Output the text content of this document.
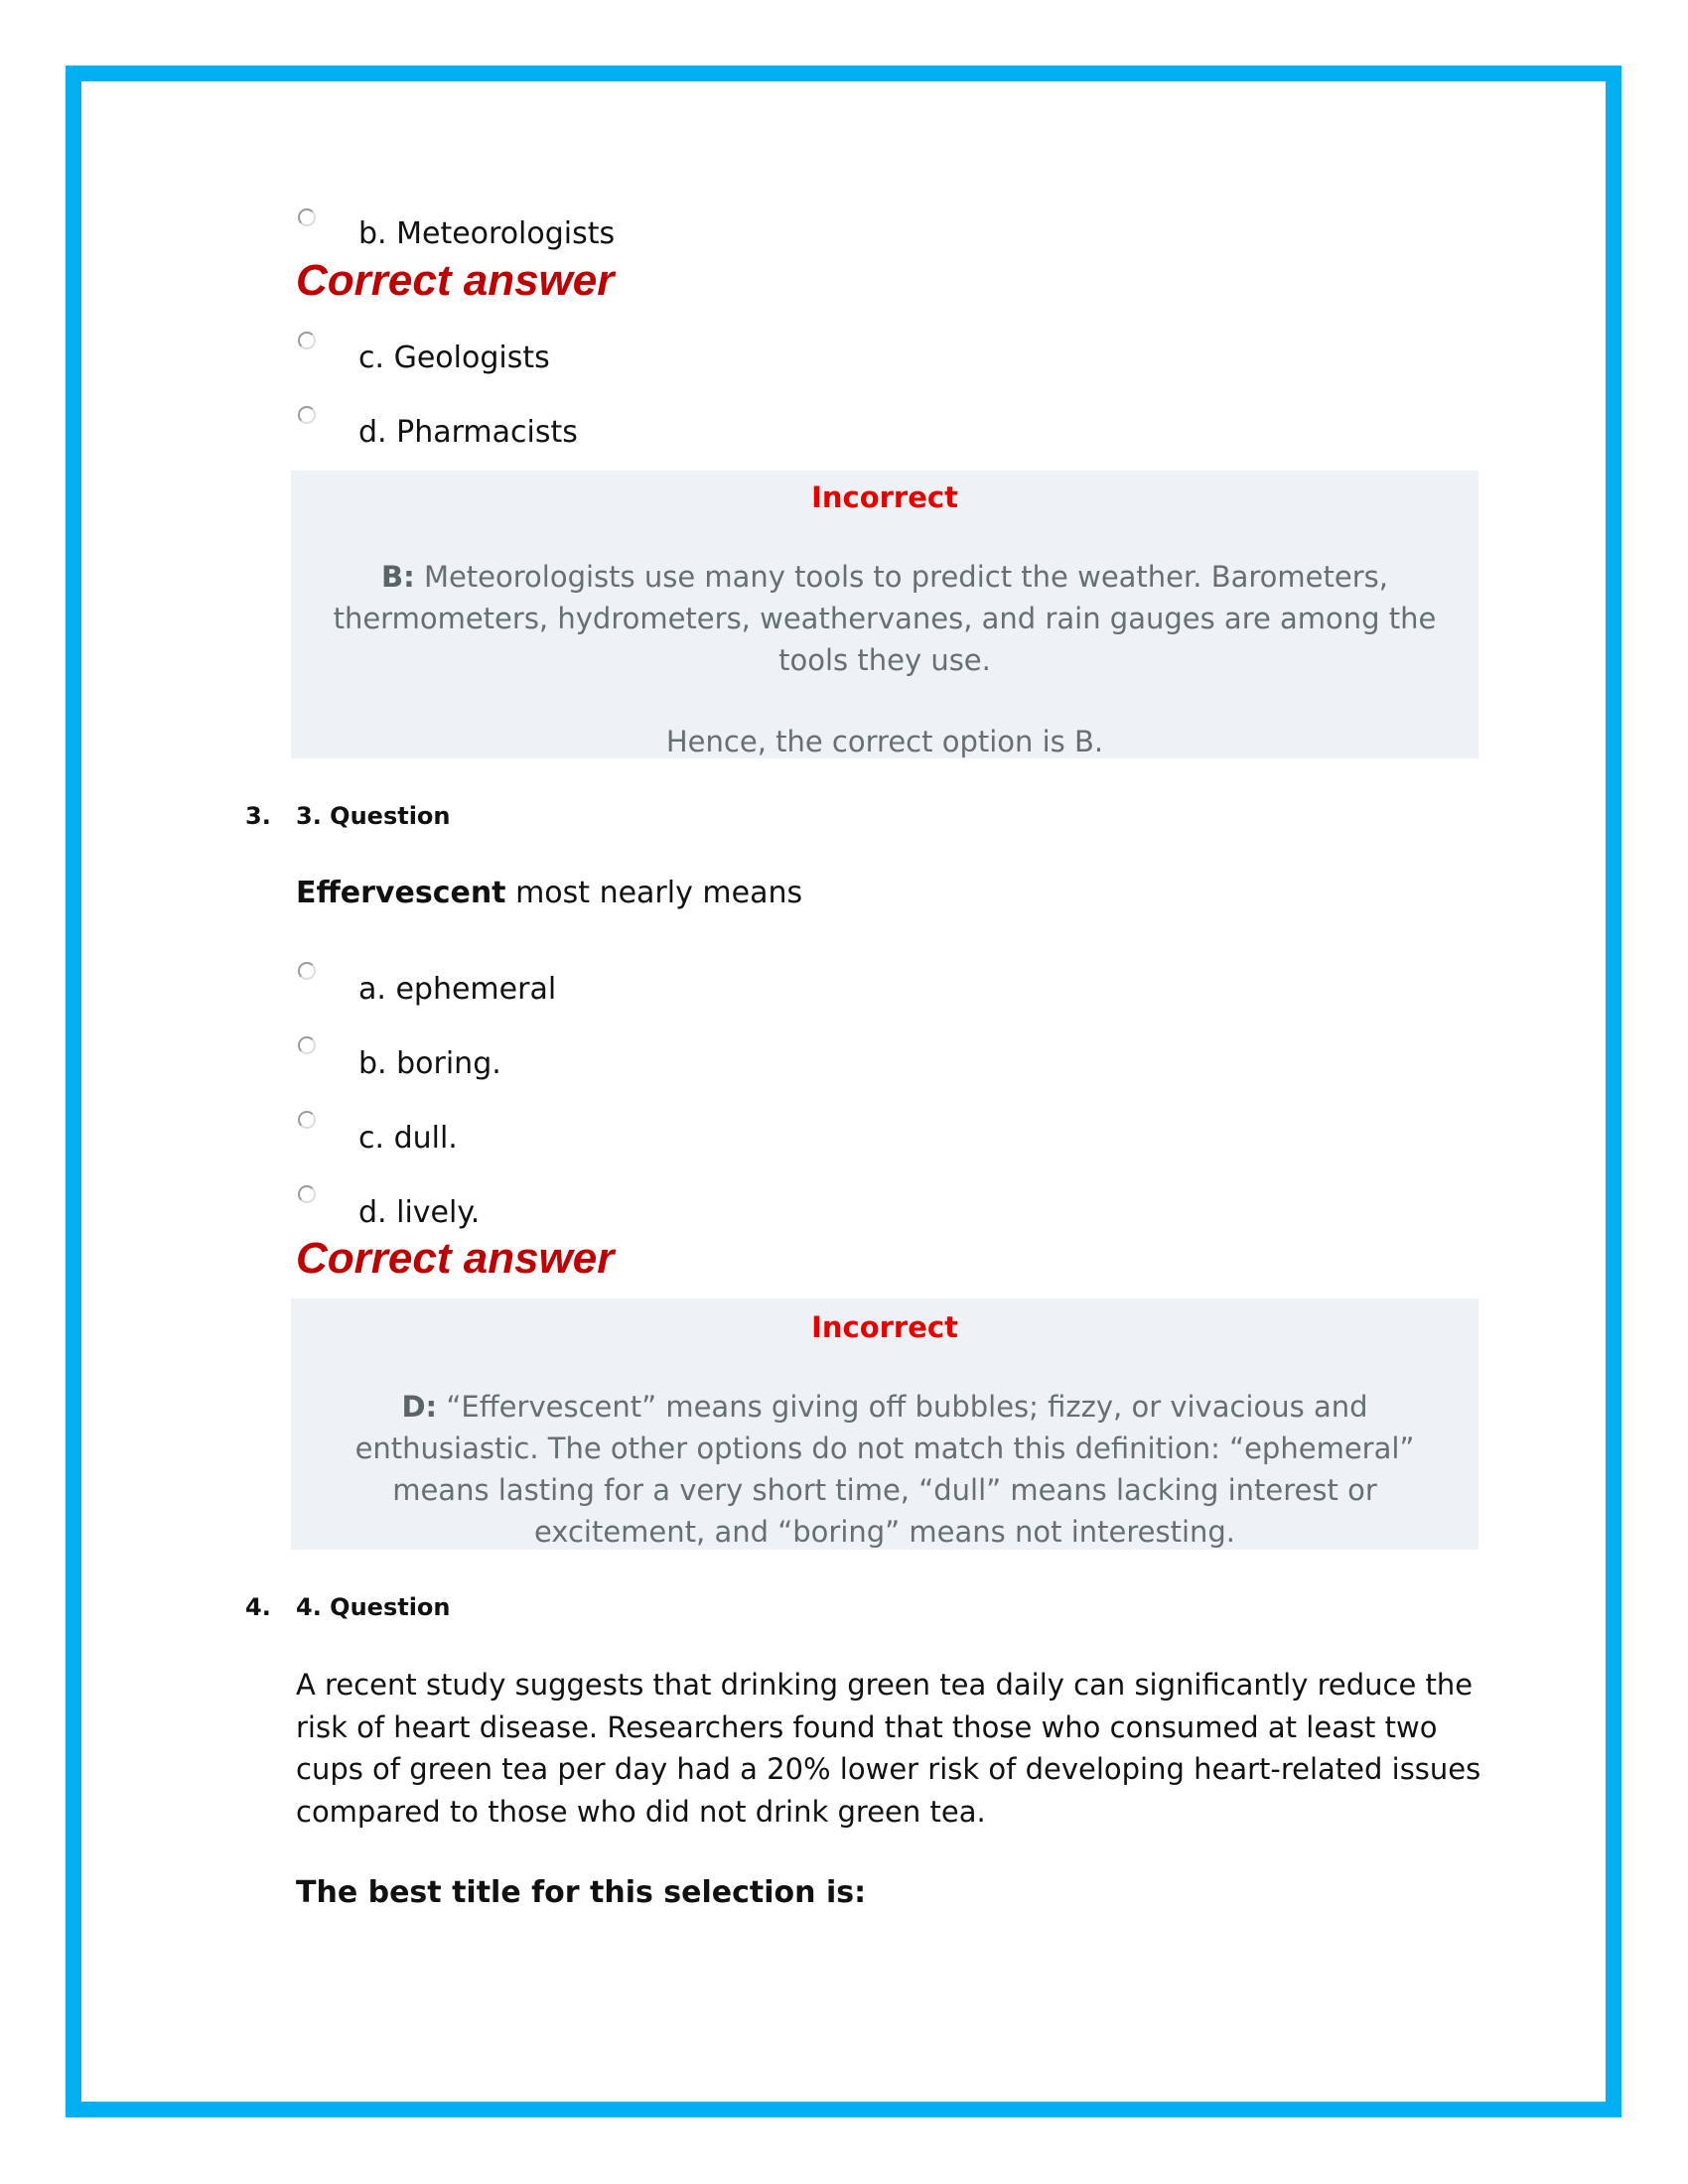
b. Meteorologists
Correct answer
c. Geologists
d. Pharmacists
Incorrect
B: Meteorologists use many tools to predict the weather. Barometers, thermometers, hydrometers, weathervanes, and rain gauges are among the tools they use.
Hence, the correct option is B.
3. 3. Question
Effervescent most nearly means
a. ephemeral
b. boring.
c. dull.
d. lively.
Correct answer
Incorrect
D: “Effervescent” means giving off bubbles; fizzy, or vivacious and enthusiastic. The other options do not match this definition: “ephemeral” means lasting for a very short time, “dull” means lacking interest or excitement, and “boring” means not interesting.
4. 4. Question
A recent study suggests that drinking green tea daily can significantly reduce the risk of heart disease. Researchers found that those who consumed at least two cups of green tea per day had a 20% lower risk of developing heart-related issues compared to those who did not drink green tea.
The best title for this selection is:
